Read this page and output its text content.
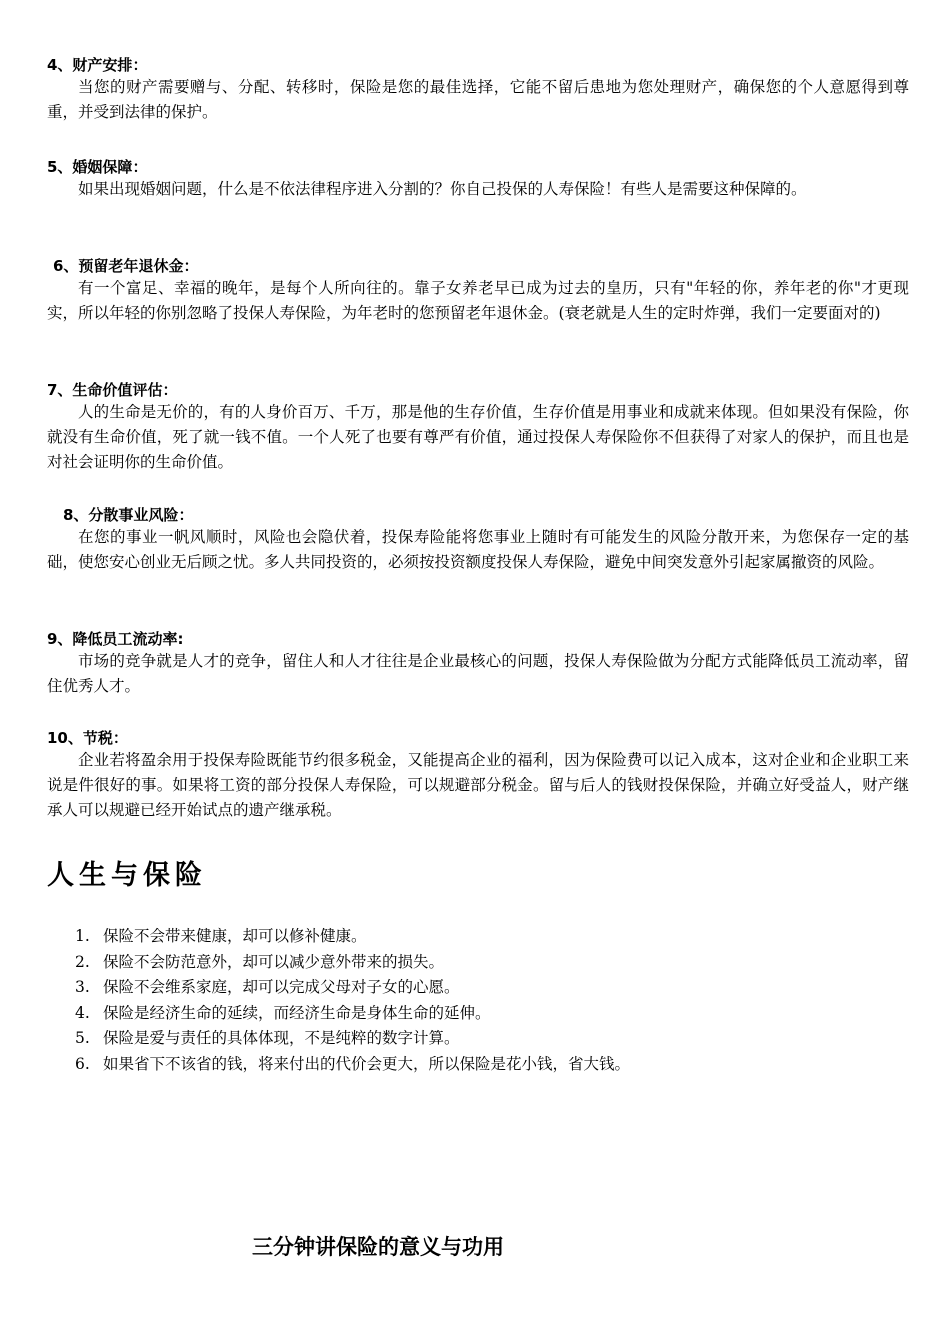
4、财产安排：

当您的财产需要赠与、分配、转移时，保险是您的最佳选择，它能不留后患地为您处理财产，确保您的个人意愿得到尊重，并受到法律的保护。

5、婚姻保障：

如果出现婚姻问题，什么是不依法律程序进入分割的？你自己投保的人寿保险！有些人是需要这种保障的。

6、预留老年退休金：

有一个富足、幸福的晚年，是每个人所向往的。靠子女养老早已成为过去的皇历，只有"年轻的你，养年老的你"才更现实，所以年轻的你别忽略了投保人寿保险，为年老时的您预留老年退休金。(衰老就是人生的定时炸弹，我们一定要面对的)

7、生命价值评估：

人的生命是无价的，有的人身价百万、千万，那是他的生存价值，生存价值是用事业和成就来体现。但如果没有保险，你就没有生命价值，死了就一钱不值。一个人死了也要有尊严有价值，通过投保人寿保险你不但获得了对家人的保护，而且也是对社会证明你的生命价值。

8、分散事业风险：

在您的事业一帆风顺时，风险也会隐伏着，投保寿险能将您事业上随时有可能发生的风险分散开来，为您保存一定的基础，使您安心创业无后顾之忧。多人共同投资的，必须按投资额度投保人寿保险，避免中间突发意外引起家属撤资的风险。

9、降低员工流动率:

市场的竞争就是人才的竞争，留住人和人才往往是企业最核心的问题，投保人寿保险做为分配方式能降低员工流动率，留住优秀人才。

10、节税：

企业若将盈余用于投保寿险既能节约很多税金，又能提高企业的福利，因为保险费可以记入成本，这对企业和企业职工来说是件很好的事。如果将工资的部分投保人寿保险，可以规避部分税金。留与后人的钱财投保保险，并确立好受益人，财产继承人可以规避已经开始试点的遗产继承税。

人生与保险
1. 保险不会带来健康，却可以修补健康。
2. 保险不会防范意外，却可以减少意外带来的损失。
3. 保险不会维系家庭，却可以完成父母对子女的心愿。
4. 保险是经济生命的延续，而经济生命是身体生命的延伸。
5. 保险是爱与责任的具体体现，不是纯粹的数字计算。
6. 如果省下不该省的钱，将来付出的代价会更大，所以保险是花小钱，省大钱。
三分钟讲保险的意义与功用
